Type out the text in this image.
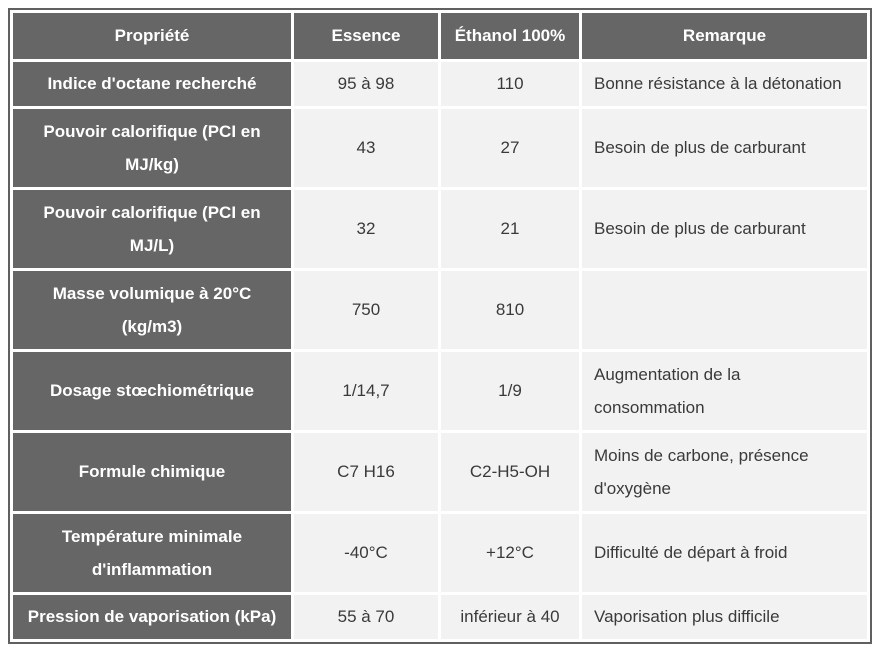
Propriété	Essence	Éthanol 100%	Remarque
Indice d'octane recherché	95 à 98	110	Bonne résistance à la détonation
Pouvoir calorifique (PCI en MJ/kg)	43	27	Besoin de plus de carburant
Pouvoir calorifique (PCI en MJ/L)	32	21	Besoin de plus de carburant
Masse volumique à 20°C (kg/m3)	750	810	
Dosage stœchiométrique	1/14,7	1/9	Augmentation de la consommation
Formule chimique	C7 H16	C2-H5-OH	Moins de carbone, présence d'oxygène
Température minimale d'inflammation	-40°C	+12°C	Difficulté de départ à froid
Pression de vaporisation (kPa)	55 à 70	inférieur à 40	Vaporisation plus difficile
